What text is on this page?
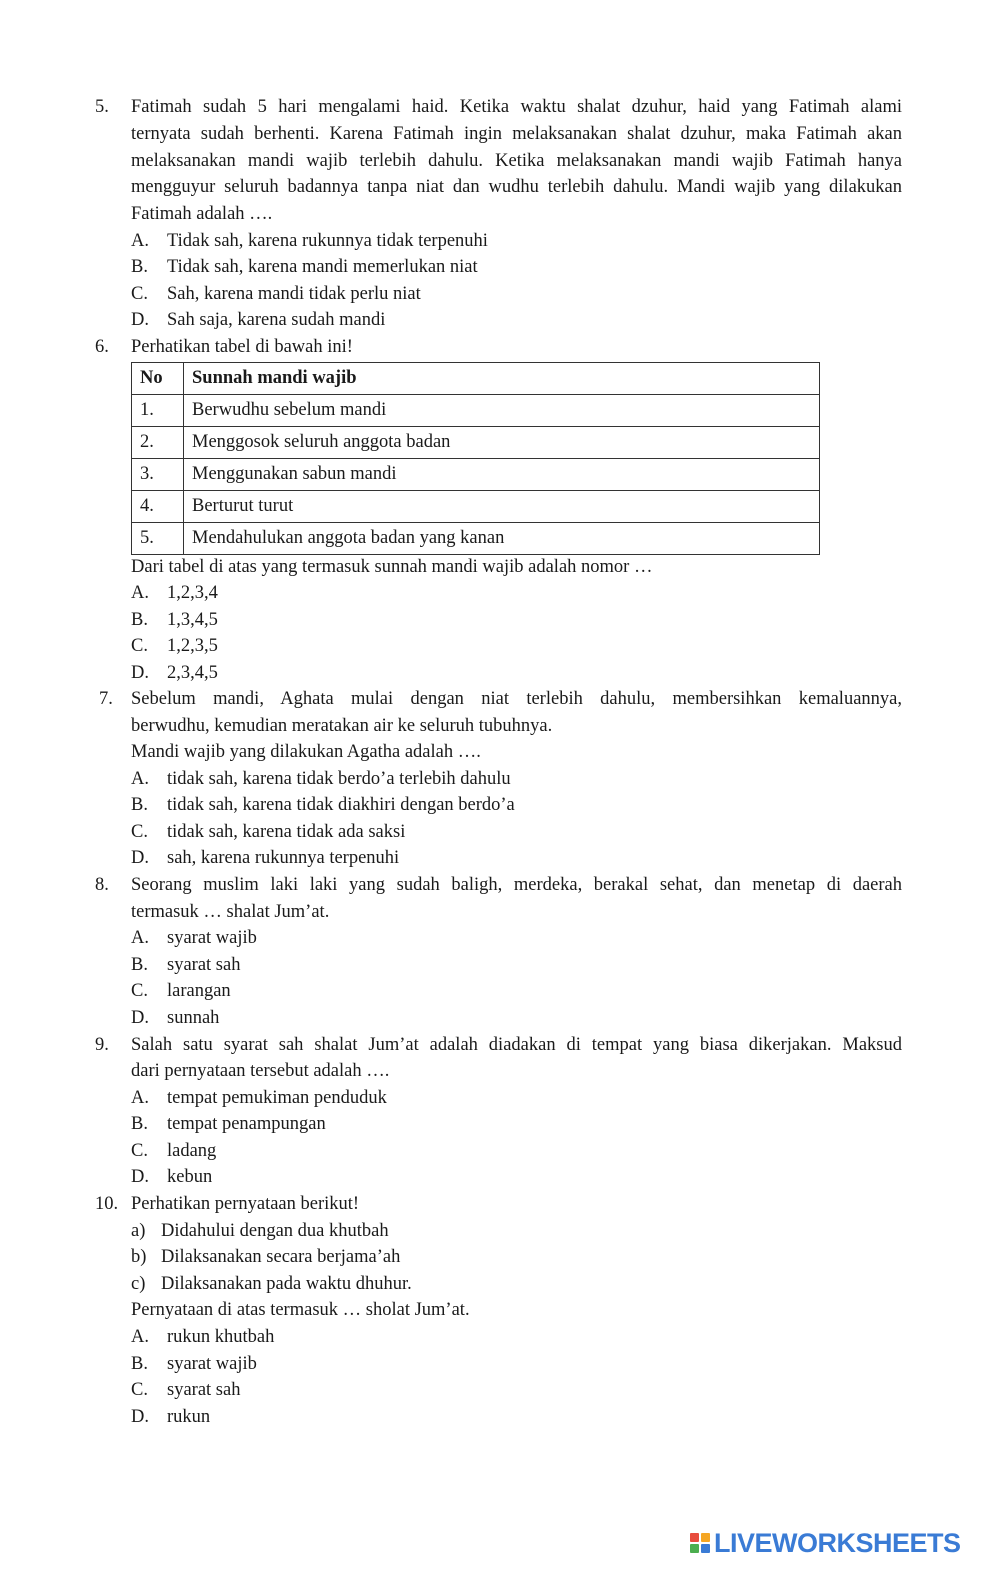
5. Fatimah sudah 5 hari mengalami haid. Ketika waktu shalat dzuhur, haid yang Fatimah alami
ternyata sudah berhenti. Karena Fatimah ingin melaksanakan shalat dzuhur, maka Fatimah akan
melaksanakan mandi wajib terlebih dahulu. Ketika melaksanakan mandi wajib Fatimah hanya
mengguyur seluruh badannya tanpa niat dan wudhu terlebih dahulu. Mandi wajib yang dilakukan
Fatimah adalah ….
A. Tidak sah, karena rukunnya tidak terpenuhi
B. Tidak sah, karena mandi memerlukan niat
C. Sah, karena mandi tidak perlu niat
D. Sah saja, karena sudah mandi
6. Perhatikan tabel di bawah ini!
No	Sunnah mandi wajib
1.	Berwudhu sebelum mandi
2.	Menggosok seluruh anggota badan
3.	Menggunakan sabun mandi
4.	Berturut turut
5.	Mendahulukan anggota badan yang kanan
Dari tabel di atas yang termasuk sunnah mandi wajib adalah nomor …
A. 1,2,3,4
B. 1,3,4,5
C. 1,2,3,5
D. 2,3,4,5
7. Sebelum mandi, Aghata mulai dengan niat terlebih dahulu, membersihkan kemaluannya,
berwudhu, kemudian meratakan air ke seluruh tubuhnya.
Mandi wajib yang dilakukan Agatha adalah ….
A. tidak sah, karena tidak berdo’a terlebih dahulu
B. tidak sah, karena tidak diakhiri dengan berdo’a
C. tidak sah, karena tidak ada saksi
D. sah, karena rukunnya terpenuhi
8. Seorang muslim laki laki yang sudah baligh, merdeka, berakal sehat, dan menetap di daerah
termasuk … shalat Jum’at.
A. syarat wajib
B. syarat sah
C. larangan
D. sunnah
9. Salah satu syarat sah shalat Jum’at adalah diadakan di tempat yang biasa dikerjakan. Maksud
dari pernyataan tersebut adalah ….
A. tempat pemukiman penduduk
B. tempat penampungan
C. ladang
D. kebun
10. Perhatikan pernyataan berikut!
a) Didahului dengan dua khutbah
b) Dilaksanakan secara berjama’ah
c) Dilaksanakan pada waktu dhuhur.
Pernyataan di atas termasuk … sholat Jum’at.
A. rukun khutbah
B. syarat wajib
C. syarat sah
D. rukun
LIVEWORKSHEETS
